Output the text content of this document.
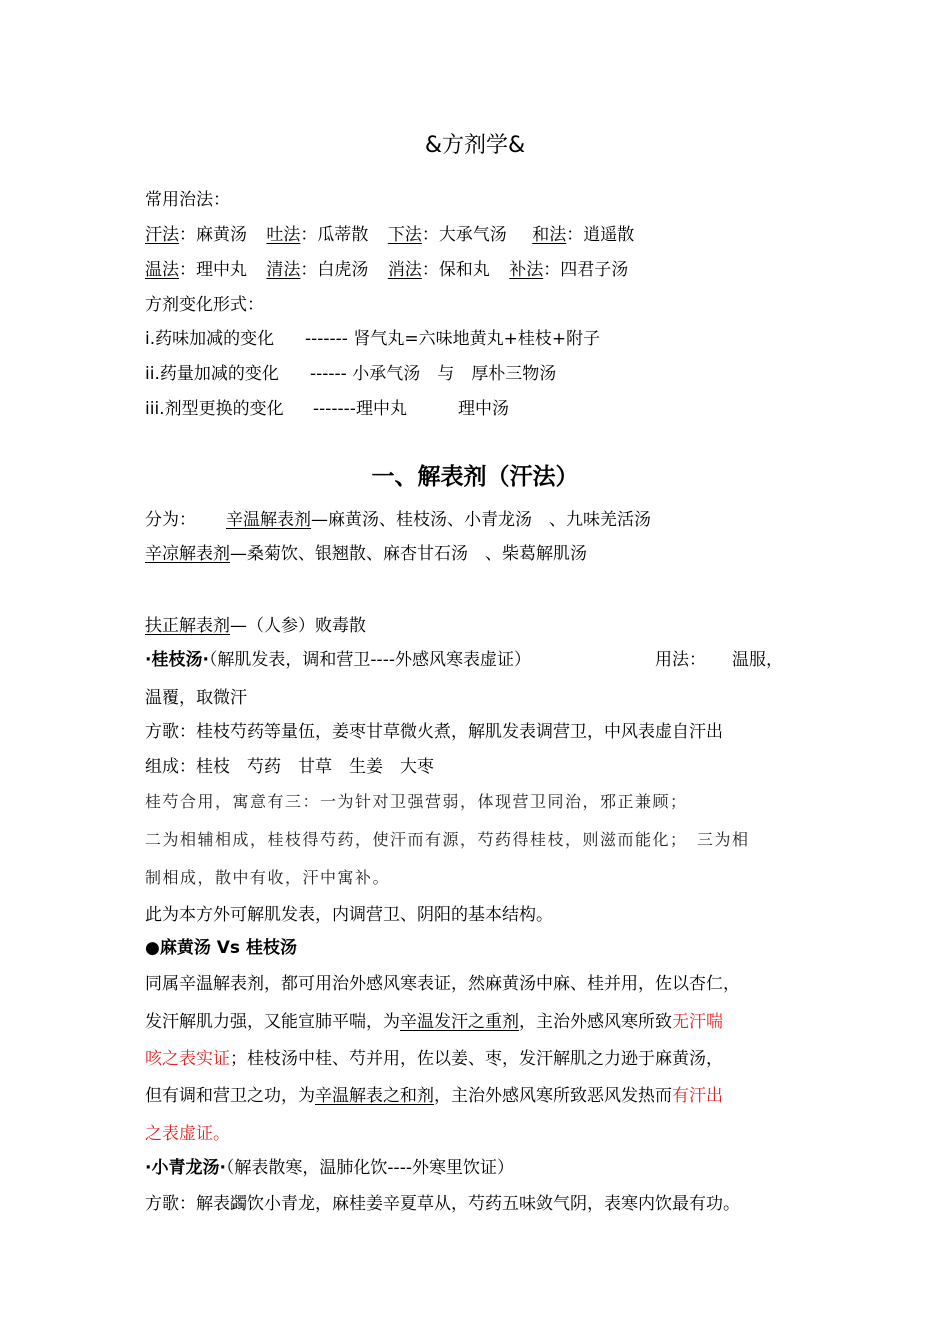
&方剂学&
常用治法：
汗法：麻黄汤 吐法：瓜蒂散 下法：大承气汤 和法：逍遥散
温法：理中丸 清法：白虎汤 消法：保和丸 补法：四君子汤
方剂变化形式：
i.药味加减的变化 ------- 肾气丸=六味地黄丸+桂枝+附子
ii.药量加减的变化 ------ 小承气汤　与　厚朴三物汤
iii.剂型更换的变化 -------理中丸　　　理中汤
一、解表剂（汗法）
分为： 辛温解表剂—麻黄汤、桂枝汤、小青龙汤　、九味羌活汤
辛凉解表剂—桑菊饮、银翘散、麻杏甘石汤　、柴葛解肌汤
扶正解表剂—（人参）败毒散
·桂枝汤·（解肌发表，调和营卫----外感风寒表虚证）	用法： 温服，
温覆，取微汗
方歌：桂枝芍药等量伍，姜枣甘草微火煮，解肌发表调营卫，中风表虚自汗出
组成：桂枝　芍药　甘草　生姜　大枣
桂芍合用，寓意有三：一为针对卫强营弱，体现营卫同治，邪正兼顾；
二为相辅相成，桂枝得芍药，使汗而有源，芍药得桂枝，则滋而能化；　三为相
制相成，散中有收，汗中寓补。
此为本方外可解肌发表，内调营卫、阴阳的基本结构。
●麻黄汤 Vs 桂枝汤
同属辛温解表剂，都可用治外感风寒表证，然麻黄汤中麻、桂并用，佐以杏仁，
发汗解肌力强，又能宣肺平喘，为辛温发汗之重剂，主治外感风寒所致无汗喘
咳之表实证；桂枝汤中桂、芍并用，佐以姜、枣，发汗解肌之力逊于麻黄汤，
但有调和营卫之功，为辛温解表之和剂，主治外感风寒所致恶风发热而有汗出
之表虚证。
·小青龙汤·（解表散寒，温肺化饮----外寒里饮证）
方歌：解表蠲饮小青龙，麻桂姜辛夏草从，芍药五味敛气阴，表寒内饮最有功。
